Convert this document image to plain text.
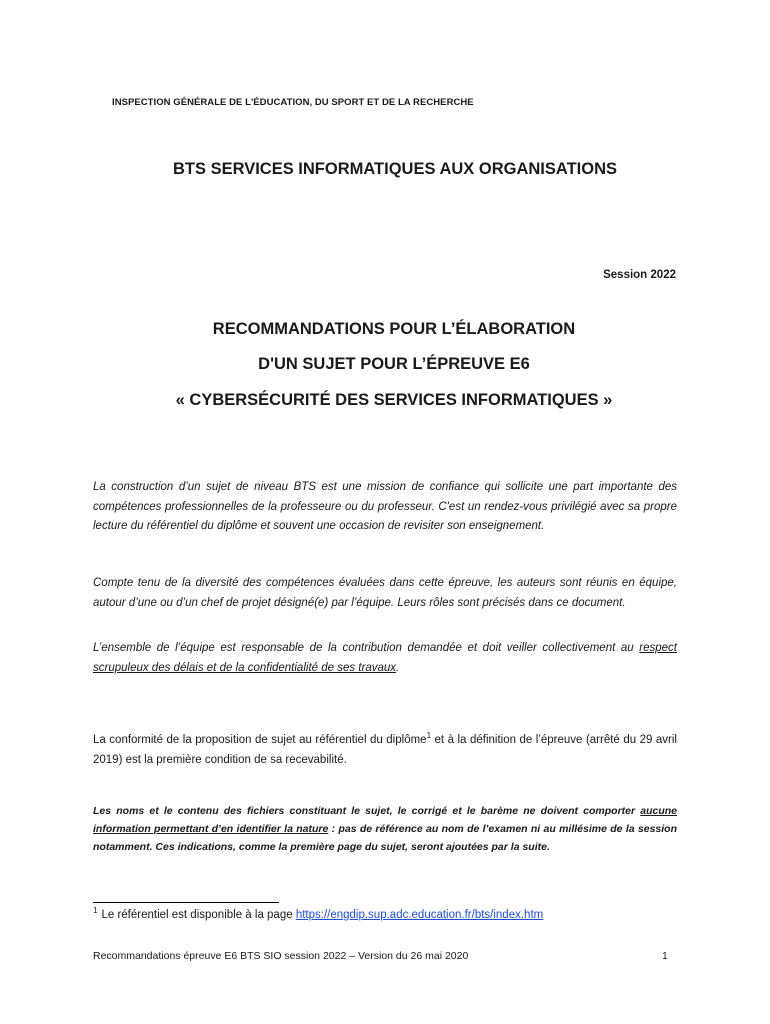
INSPECTION GÉNÉRALE DE L'ÉDUCATION, DU SPORT ET DE LA RECHERCHE
BTS SERVICES INFORMATIQUES AUX ORGANISATIONS
Session 2022
RECOMMANDATIONS POUR L’ÉLABORATION
D'UN SUJET POUR L’ÉPREUVE E6
« CYBERSÉCURITÉ DES SERVICES INFORMATIQUES »
La construction d’un sujet de niveau BTS est une mission de confiance qui sollicite une part importante des compétences professionnelles de la professeure ou du professeur. C'est un rendez-vous privilégié avec sa propre lecture du référentiel du diplôme et souvent une occasion de revisiter son enseignement.
Compte tenu de la diversité des compétences évaluées dans cette épreuve, les auteurs sont réunis en équipe, autour d’une ou d’un chef de projet désigné(e) par l’équipe. Leurs rôles sont précisés dans ce document.
L’ensemble de l’équipe est responsable de la contribution demandée et doit veiller collectivement au respect scrupuleux des délais et de la confidentialité de ses travaux.
La conformité de la proposition de sujet au référentiel du diplôme$^1$ et à la définition de l’épreuve (arrêté du 29 avril 2019) est la première condition de sa recevabilité.
Les noms et le contenu des fichiers constituant le sujet, le corrigé et le barème ne doivent comporter aucune information permettant d’en identifier la nature : pas de référence au nom de l’examen ni au millésime de la session notamment. Ces indications, comme la première page du sujet, seront ajoutées par la suite.
$^1$ Le référentiel est disponible à la page https://engdip.sup.adc.education.fr/bts/index.htm
Recommandations épreuve E6 BTS SIO session 2022 – Version du 26 mai 2020	1
